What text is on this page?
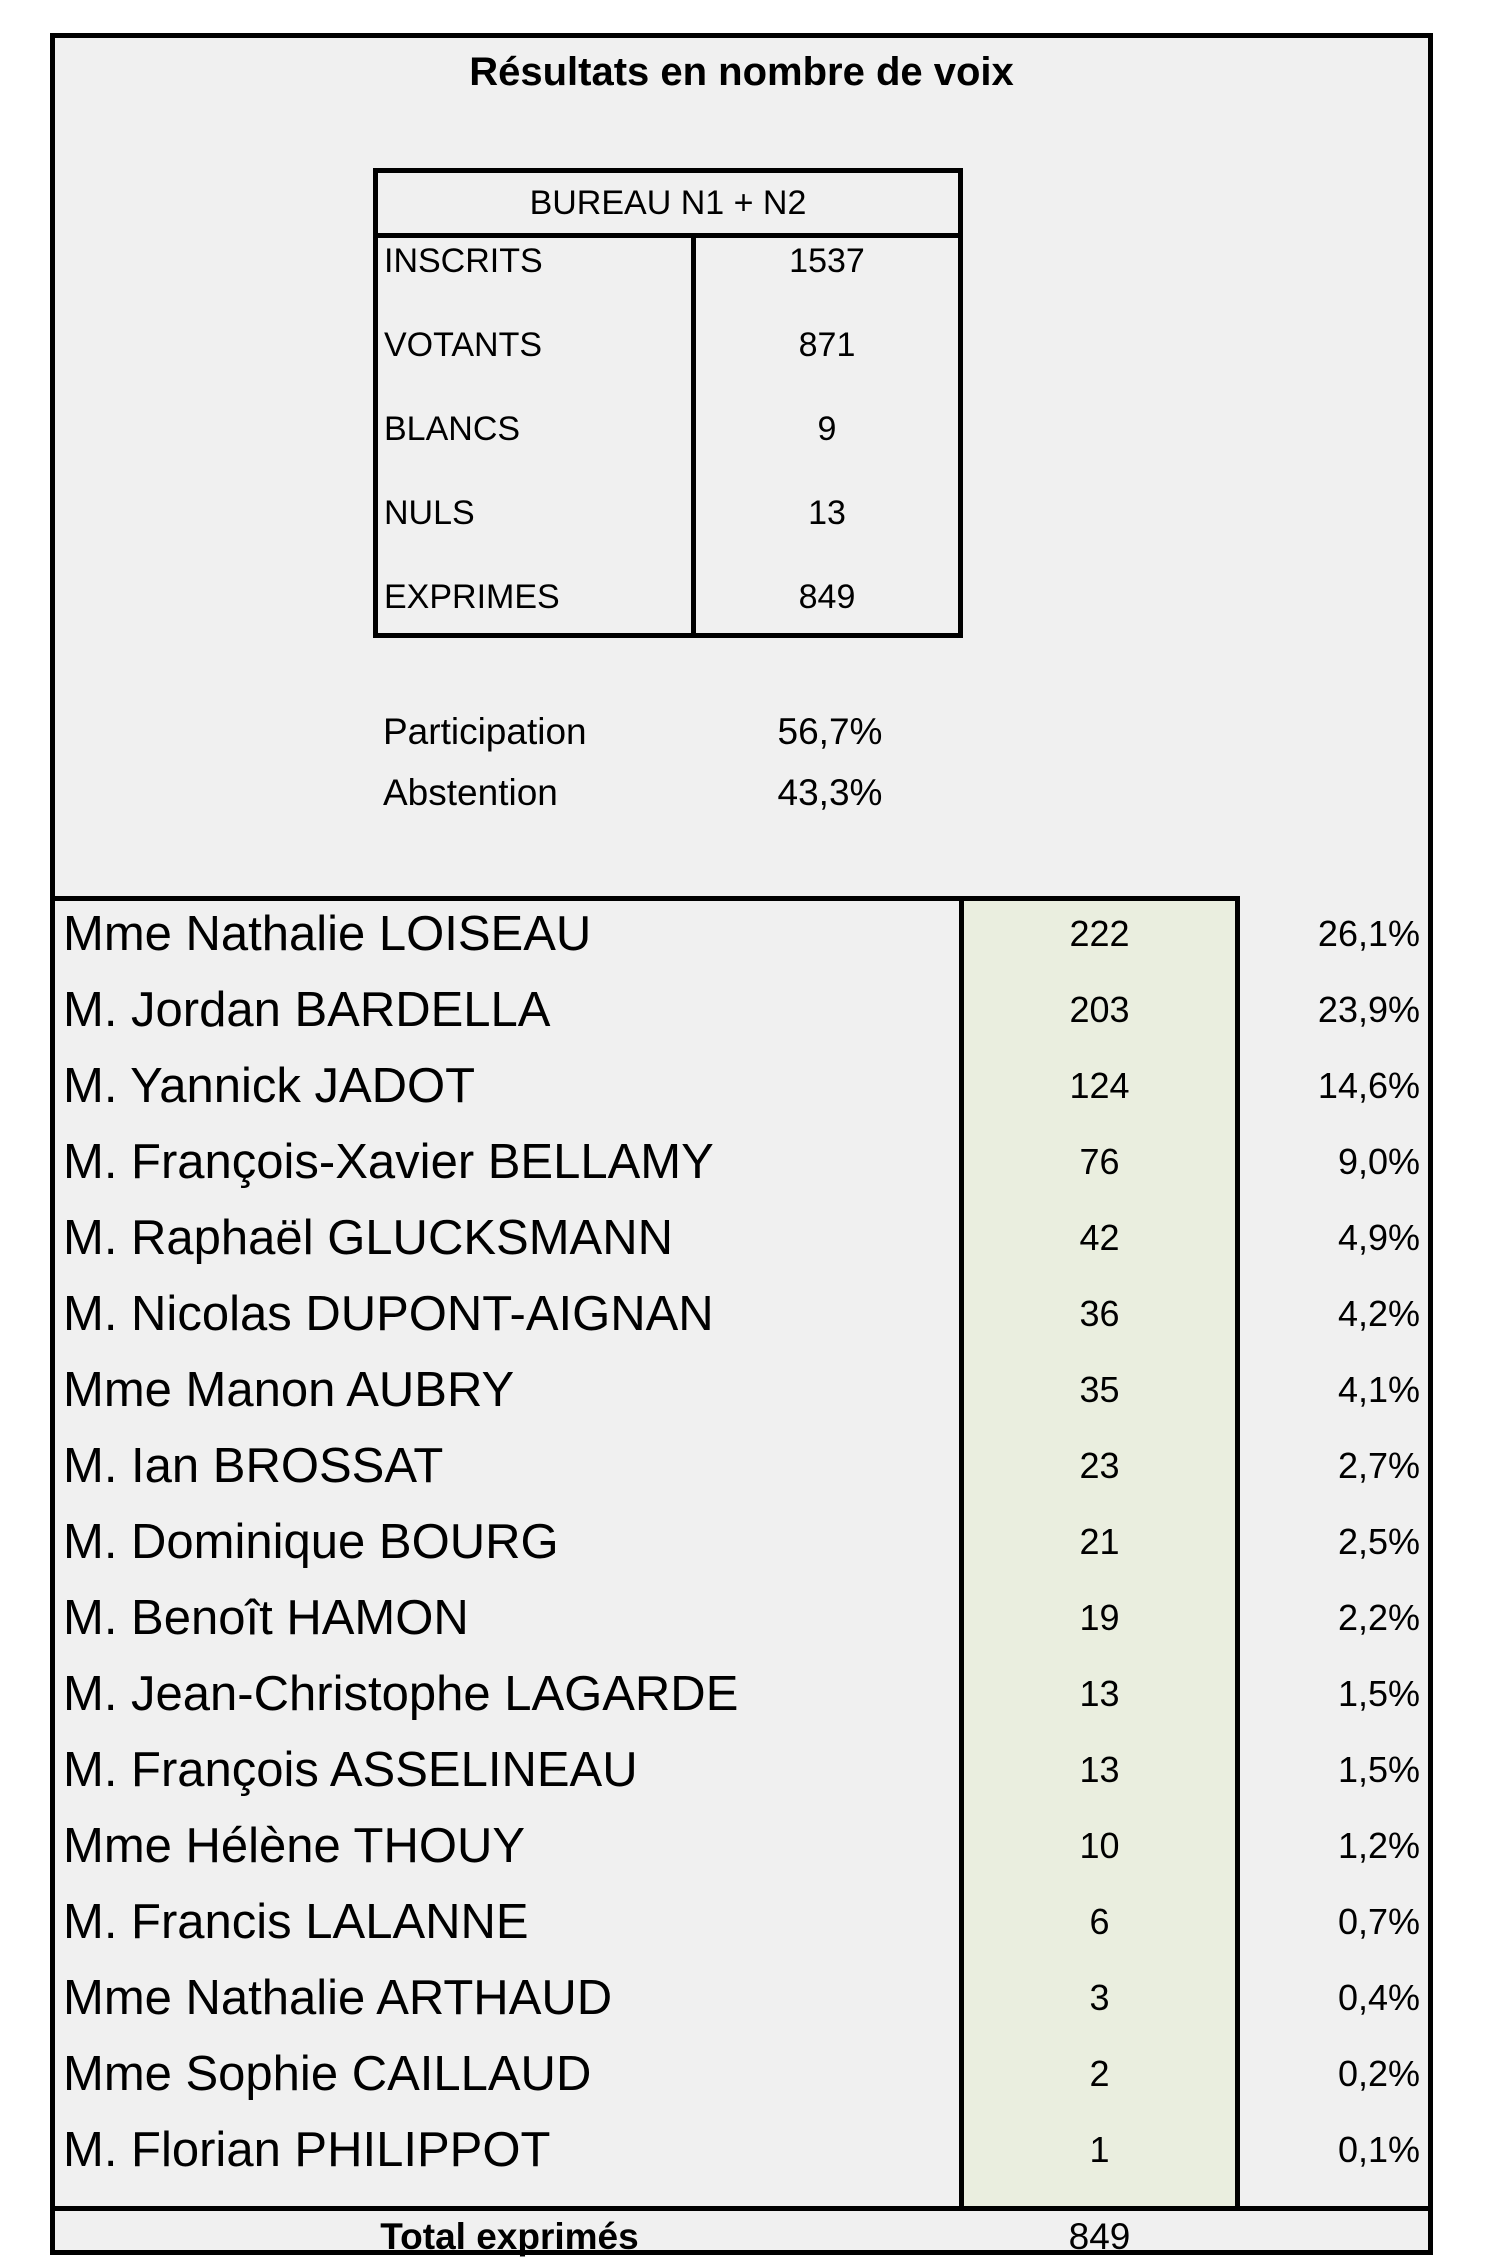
Résultats en nombre de voix
BUREAU N1 + N2
INSCRITS	1537
VOTANTS	871
BLANCS	9
NULS	13
EXPRIMES	849
Participation	56,7%
Abstention	43,3%
Mme Nathalie LOISEAU	222	26,1%
M. Jordan BARDELLA	203	23,9%
M. Yannick JADOT	124	14,6%
M. François-Xavier BELLAMY	76	9,0%
M. Raphaël GLUCKSMANN	42	4,9%
M. Nicolas DUPONT-AIGNAN	36	4,2%
Mme Manon AUBRY	35	4,1%
M. Ian BROSSAT	23	2,7%
M. Dominique BOURG	21	2,5%
M. Benoît HAMON	19	2,2%
M. Jean-Christophe LAGARDE	13	1,5%
M. François ASSELINEAU	13	1,5%
Mme Hélène THOUY	10	1,2%
M. Francis LALANNE	6	0,7%
Mme Nathalie ARTHAUD	3	0,4%
Mme Sophie CAILLAUD	2	0,2%
M. Florian PHILIPPOT	1	0,1%
Total exprimés	849
